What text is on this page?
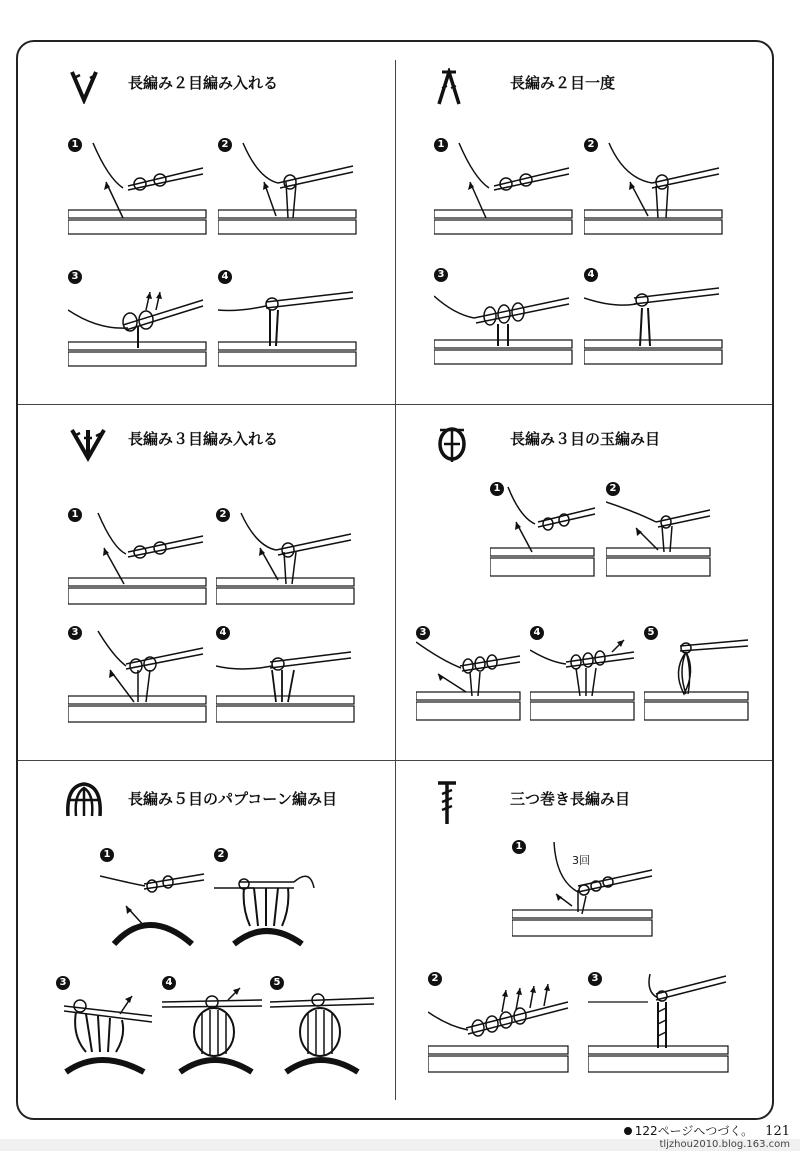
長編み２目編み入れる
1	2
3	4
長編み２目一度
1	2
3	4
長編み３目編み入れる
1	2
3	4
長編み３目の玉編み目
1	2
3	4	5
長編み５目のパプコーン編み目
1	2
3	4	5
三つ巻き長編み目
1
3回
2	3
122ページへつづく。 121
tljzhou2010.blog.163.com
